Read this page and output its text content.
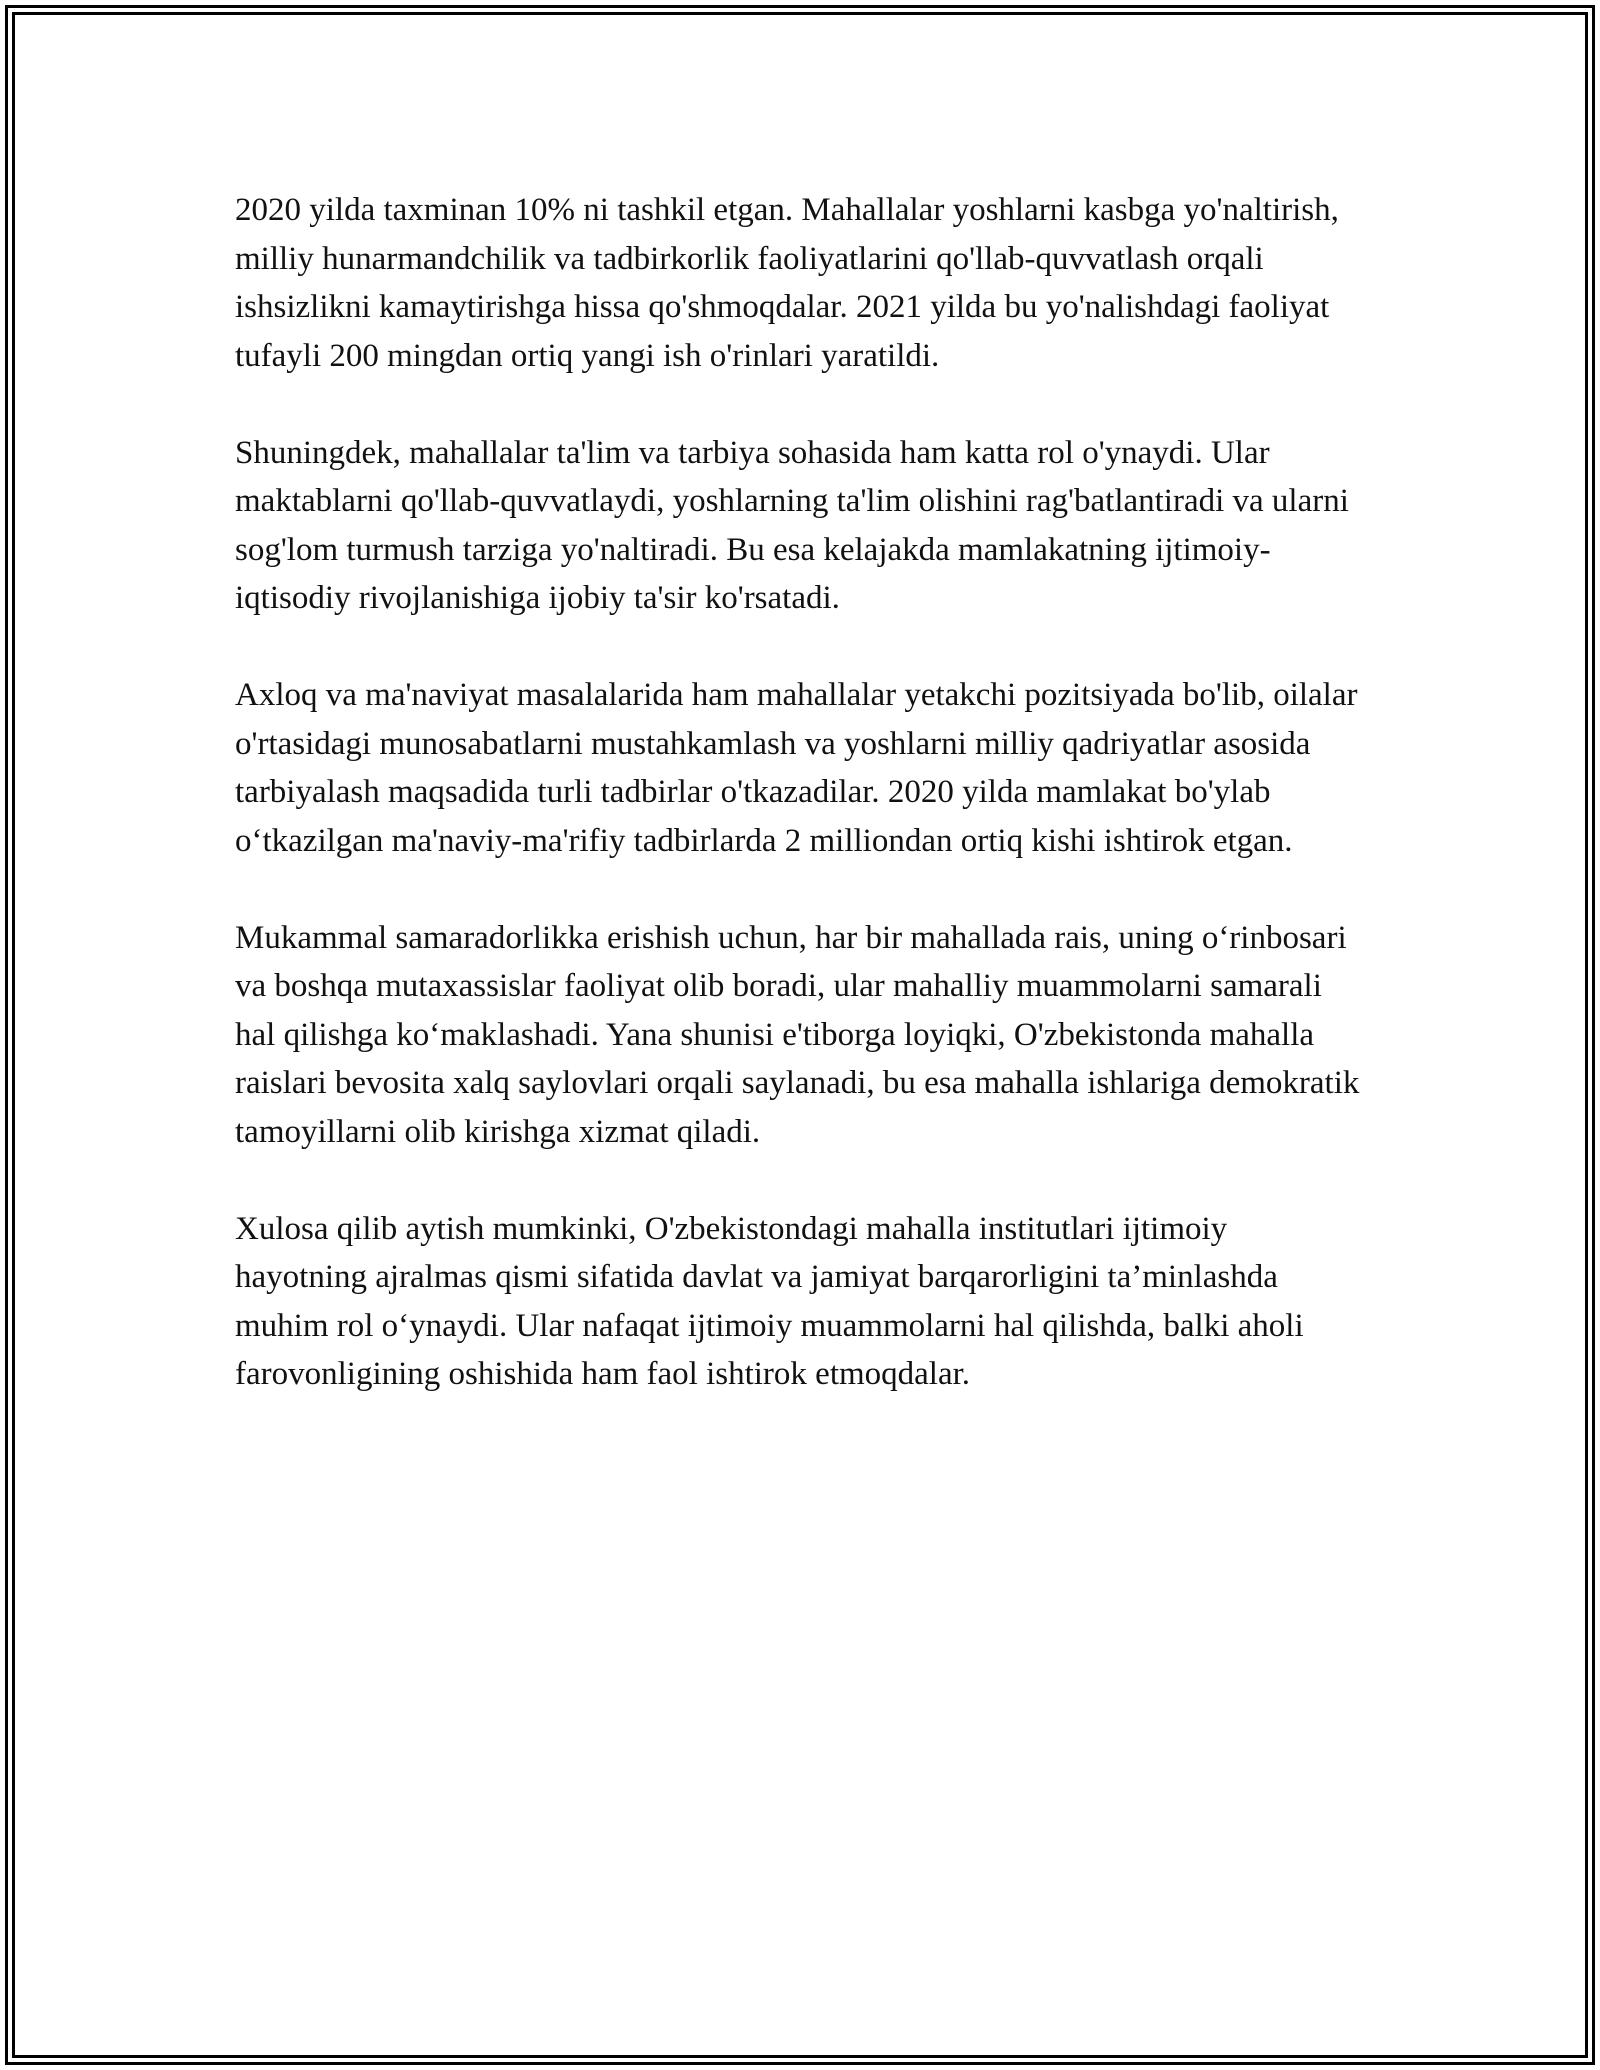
2020 yilda taxminan 10% ni tashkil etgan. Mahallalar yoshlarni kasbga yo'naltirish, milliy hunarmandchilik va tadbirkorlik faoliyatlarini qo'llab-quvvatlash orqali ishsizlikni kamaytirishga hissa qo'shmoqdalar. 2021 yilda bu yo'nalishdagi faoliyat tufayli 200 mingdan ortiq yangi ish o'rinlari yaratildi.

Shuningdek, mahallalar ta'lim va tarbiya sohasida ham katta rol o'ynaydi. Ular maktablarni qo'llab-quvvatlaydi, yoshlarning ta'lim olishini rag'batlantiradi va ularni sog'lom turmush tarziga yo'naltiradi. Bu esa kelajakda mamlakatning ijtimoiy-iqtisodiy rivojlanishiga ijobiy ta'sir ko'rsatadi.

Axloq va ma'naviyat masalalarida ham mahallalar yetakchi pozitsiyada bo'lib, oilalar o'rtasidagi munosabatlarni mustahkamlash va yoshlarni milliy qadriyatlar asosida tarbiyalash maqsadida turli tadbirlar o'tkazadilar. 2020 yilda mamlakat bo'ylab o‘tkazilgan ma'naviy-ma'rifiy tadbirlarda 2 milliondan ortiq kishi ishtirok etgan.

Mukammal samaradorlikka erishish uchun, har bir mahallada rais, uning o‘rinbosari va boshqa mutaxassislar faoliyat olib boradi, ular mahalliy muammolarni samarali hal qilishga ko‘maklashadi. Yana shunisi e'tiborga loyiqki, O'zbekistonda mahalla raislari bevosita xalq saylovlari orqali saylanadi, bu esa mahalla ishlariga demokratik tamoyillarni olib kirishga xizmat qiladi.

Xulosa qilib aytish mumkinki, O'zbekistondagi mahalla institutlari ijtimoiy hayotning ajralmas qismi sifatida davlat va jamiyat barqarorligini ta’minlashda muhim rol o‘ynaydi. Ular nafaqat ijtimoiy muammolarni hal qilishda, balki aholi farovonligining oshishida ham faol ishtirok etmoqdalar.
